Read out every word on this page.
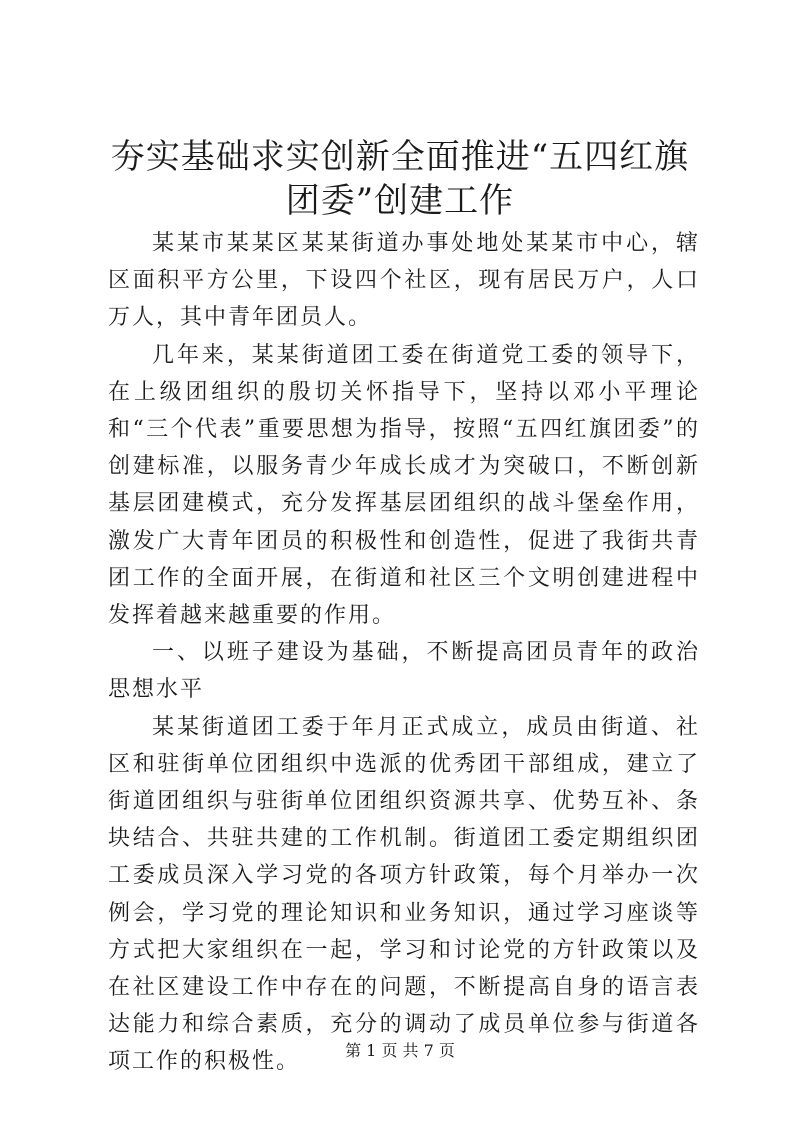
夯实基础求实创新全面推进“五四红旗团委”创建工作

某某市某某区某某街道办事处地处某某市中心，辖区面积平方公里，下设四个社区，现有居民万户，人口万人，其中青年团员人。

几年来，某某街道团工委在街道党工委的领导下，在上级团组织的殷切关怀指导下，坚持以邓小平理论和“三个代表”重要思想为指导，按照“五四红旗团委”的创建标准，以服务青少年成长成才为突破口，不断创新基层团建模式，充分发挥基层团组织的战斗堡垒作用，激发广大青年团员的积极性和创造性，促进了我街共青团工作的全面开展，在街道和社区三个文明创建进程中发挥着越来越重要的作用。

一、以班子建设为基础，不断提高团员青年的政治思想水平

某某街道团工委于年月正式成立，成员由街道、社区和驻街单位团组织中选派的优秀团干部组成，建立了街道团组织与驻街单位团组织资源共享、优势互补、条块结合、共驻共建的工作机制。街道团工委定期组织团工委成员深入学习党的各项方针政策，每个月举办一次例会，学习党的理论知识和业务知识，通过学习座谈等方式把大家组织在一起，学习和讨论党的方针政策以及在社区建设工作中存在的问题，不断提高自身的语言表达能力和综合素质，充分的调动了成员单位参与街道各项工作的积极性。	第 1 页 共 7 页
